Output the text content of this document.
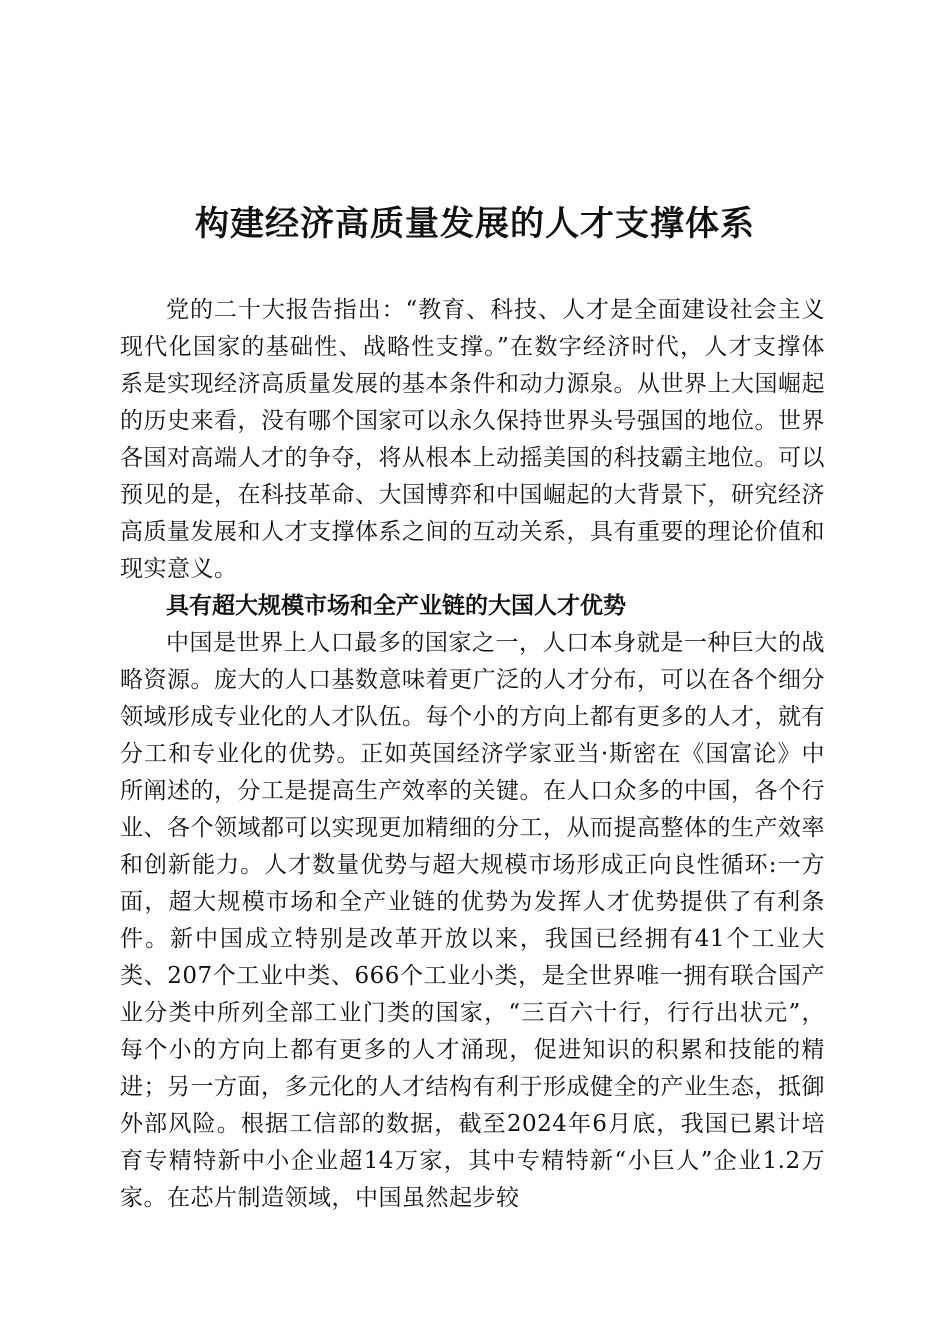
构建经济高质量发展的人才支撑体系

党的二十大报告指出：“教育、科技、人才是全面建设社会主义现代化国家的基础性、战略性支撑。”在数字经济时代，人才支撑体系是实现经济高质量发展的基本条件和动力源泉。从世界上大国崛起的历史来看，没有哪个国家可以永久保持世界头号强国的地位。世界各国对高端人才的争夺，将从根本上动摇美国的科技霸主地位。可以预见的是，在科技革命、大国博弈和中国崛起的大背景下，研究经济高质量发展和人才支撑体系之间的互动关系，具有重要的理论价值和现实意义。

具有超大规模市场和全产业链的大国人才优势

中国是世界上人口最多的国家之一，人口本身就是一种巨大的战略资源。庞大的人口基数意味着更广泛的人才分布，可以在各个细分领域形成专业化的人才队伍。每个小的方向上都有更多的人才，就有分工和专业化的优势。正如英国经济学家亚当·斯密在《国富论》中所阐述的，分工是提高生产效率的关键。在人口众多的中国，各个行业、各个领域都可以实现更加精细的分工，从而提高整体的生产效率和创新能力。人才数量优势与超大规模市场形成正向良性循环:一方面，超大规模市场和全产业链的优势为发挥人才优势提供了有利条件。新中国成立特别是改革开放以来，我国已经拥有41个工业大类、207个工业中类、666个工业小类，是全世界唯一拥有联合国产业分类中所列全部工业门类的国家，“三百六十行，行行出状元”，每个小的方向上都有更多的人才涌现，促进知识的积累和技能的精进；另一方面，多元化的人才结构有利于形成健全的产业生态，抵御外部风险。根据工信部的数据，截至2024年6月底，我国已累计培育专精特新中小企业超14万家，其中专精特新“小巨人”企业1.2万家。在芯片制造领域，中国虽然起步较
